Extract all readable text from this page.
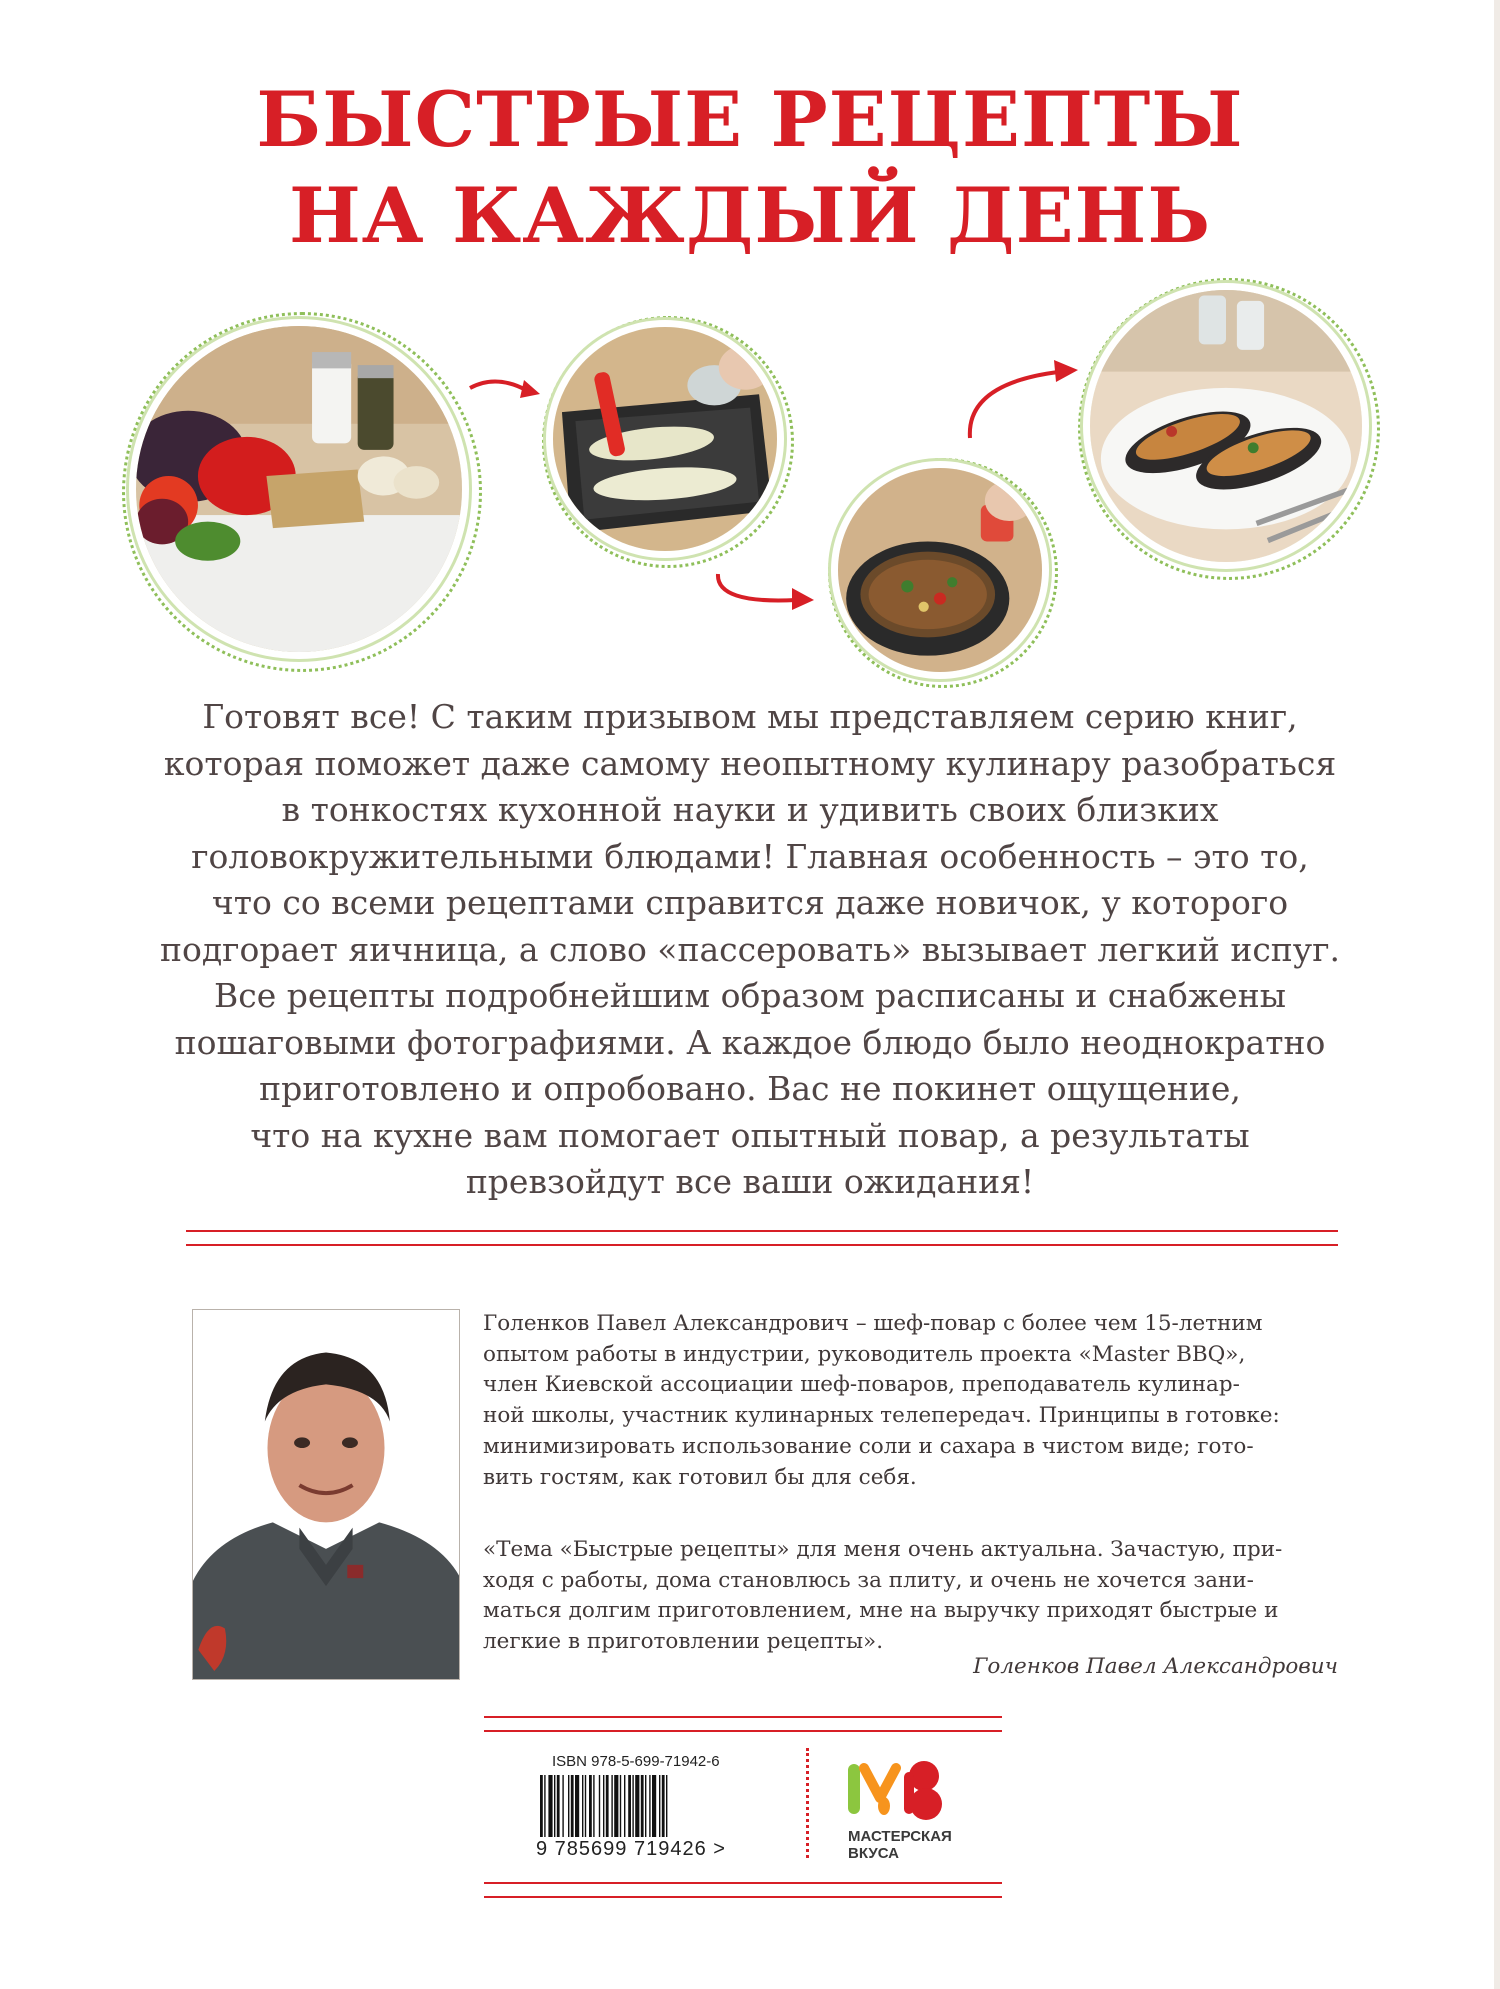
БЫСТРЫЕ РЕЦЕПТЫ
НА КАЖДЫЙ ДЕНЬ
Готовят все! С таким призывом мы представляем серию книг,
которая поможет даже самому неопытному кулинару разобраться
в тонкостях кухонной науки и удивить своих близких
головокружительными блюдами! Главная особенность – это то,
что со всеми рецептами справится даже новичок, у которого
подгорает яичница, а слово «пассеровать» вызывает легкий испуг.
Все рецепты подробнейшим образом расписаны и снабжены
пошаговыми фотографиями. А каждое блюдо было неоднократно
приготовлено и опробовано. Вас не покинет ощущение,
что на кухне вам помогает опытный повар, а результаты
превзойдут все ваши ожидания!
Голенков Павел Александрович – шеф-повар с более чем 15-летним
опытом работы в индустрии, руководитель проекта «Master BBQ»,
член Киевской ассоциации шеф-поваров, преподаватель кулинар-
ной школы, участник кулинарных телепередач. Принципы в готовке:
минимизировать использование соли и сахара в чистом виде; гото-
вить гостям, как готовил бы для себя.
«Тема «Быстрые рецепты» для меня очень актуальна. Зачастую, при-
ходя с работы, дома становлюсь за плиту, и очень не хочется зани-
маться долгим приготовлением, мне на выручку приходят быстрые и
легкие в приготовлении рецепты».
Голенков Павел Александрович
ISBN 978-5-699-71942-6
9 785699 719426 >
МАСТЕРСКАЯ
ВКУСА
